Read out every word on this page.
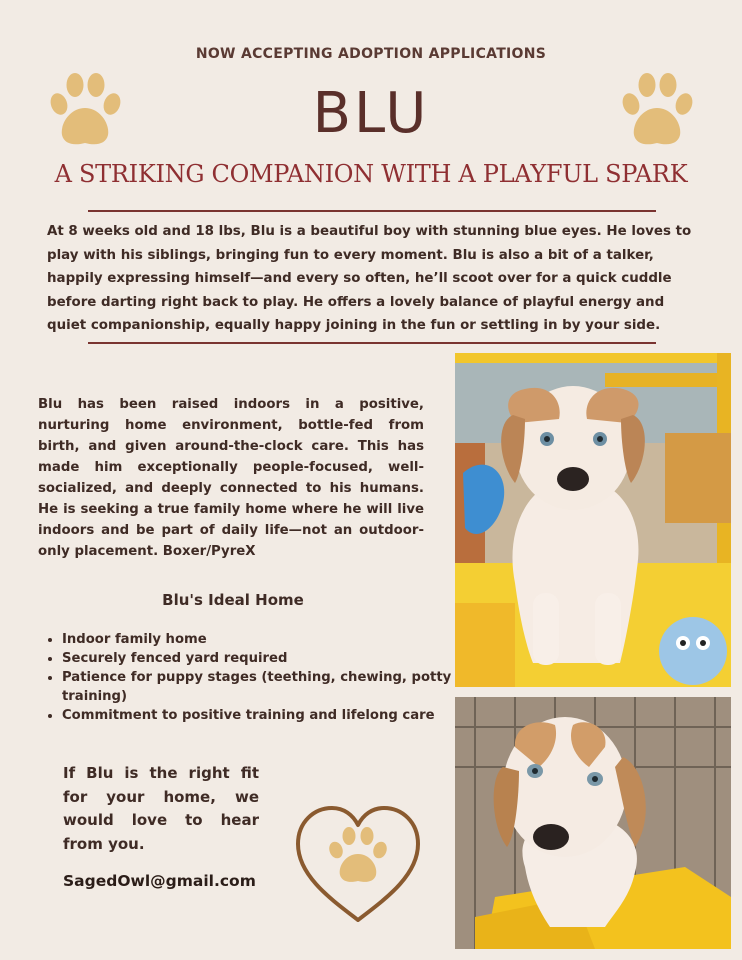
NOW ACCEPTING ADOPTION APPLICATIONS
BLU
A STRIKING COMPANION WITH A PLAYFUL SPARK
At 8 weeks old and 18 lbs, Blu is a beautiful boy with stunning blue eyes. He loves to play with his siblings, bringing fun to every moment. Blu is also a bit of a talker, happily expressing himself—and every so often, he’ll scoot over for a quick cuddle before darting right back to play. He offers a lovely balance of playful energy and quiet companionship, equally happy joining in the fun or settling in by your side.
Blu has been raised indoors in a positive, nurturing home environment, bottle-fed from birth, and given around-the-clock care. This has made him exceptionally people-focused, well-socialized, and deeply connected to his humans. He is seeking a true family home where he will live indoors and be part of daily life—not an outdoor-only placement. Boxer/PyreX
Blu's Ideal Home
• Indoor family home
• Securely fenced yard required
• Patience for puppy stages (teething, chewing, potty training)
• Commitment to positive training and lifelong care
If Blu is the right fit for your home, we would love to hear from you.
SagedOwl@gmail.com
